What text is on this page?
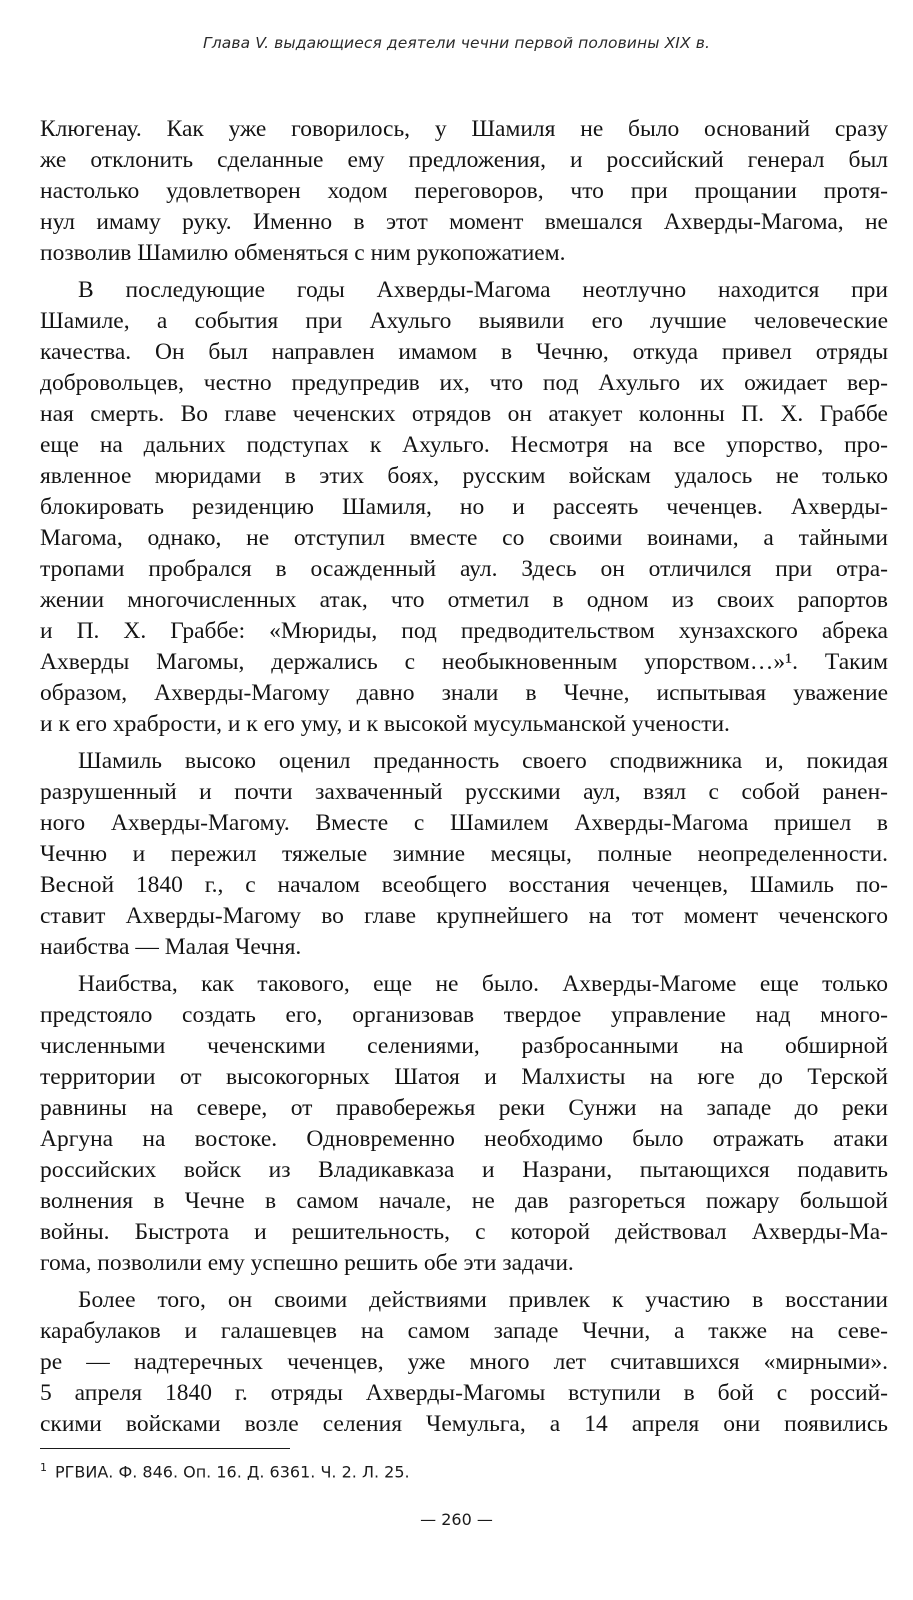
Глава V. выдающиеся деятели чечни первой половины XIX в.
Клюгенау. Как уже говорилось, у Шамиля не было оснований сразу
же отклонить сделанные ему предложения, и российский генерал был
настолько удовлетворен ходом переговоров, что при прощании протя-
нул имаму руку. Именно в этот момент вмешался Ахверды-Магома, не
позволив Шамилю обменяться с ним рукопожатием.
В последующие годы Ахверды-Магома неотлучно находится при
Шамиле, а события при Ахульго выявили его лучшие человеческие
качества. Он был направлен имамом в Чечню, откуда привел отряды
добровольцев, честно предупредив их, что под Ахульго их ожидает вер-
ная смерть. Во главе чеченских отрядов он атакует колонны П. Х. Граббе
еще на дальних подступах к Ахульго. Несмотря на все упорство, про-
явленное мюридами в этих боях, русским войскам удалось не только
блокировать резиденцию Шамиля, но и рассеять чеченцев. Ахверды-
Магома, однако, не отступил вместе со своими воинами, а тайными
тропами пробрался в осажденный аул. Здесь он отличился при отра-
жении многочисленных атак, что отметил в одном из своих рапортов
и П. Х. Граббе: «Мюриды, под предводительством хунзахского абрека
Ахверды Магомы, держались с необыкновенным упорством…»¹. Таким
образом, Ахверды-Магому давно знали в Чечне, испытывая уважение
и к его храбрости, и к его уму, и к высокой мусульманской учености.
Шамиль высоко оценил преданность своего сподвижника и, покидая
разрушенный и почти захваченный русскими аул, взял с собой ранен-
ного Ахверды-Магому. Вместе с Шамилем Ахверды-Магома пришел в
Чечню и пережил тяжелые зимние месяцы, полные неопределенности.
Весной 1840 г., с началом всеобщего восстания чеченцев, Шамиль по-
ставит Ахверды-Магому во главе крупнейшего на тот момент чеченского
наибства — Малая Чечня.
Наибства, как такового, еще не было. Ахверды-Магоме еще только
предстояло создать его, организовав твердое управление над много-
численными чеченскими селениями, разбросанными на обширной
территории от высокогорных Шатоя и Малхисты на юге до Терской
равнины на севере, от правобережья реки Сунжи на западе до реки
Аргуна на востоке. Одновременно необходимо было отражать атаки
российских войск из Владикавказа и Назрани, пытающихся подавить
волнения в Чечне в самом начале, не дав разгореться пожару большой
войны. Быстрота и решительность, с которой действовал Ахверды-Ма-
гома, позволили ему успешно решить обе эти задачи.
Более того, он своими действиями привлек к участию в восстании
карабулаков и галашевцев на самом западе Чечни, а также на севе-
ре — надтеречных чеченцев, уже много лет считавшихся «мирными».
5 апреля 1840 г. отряды Ахверды-Магомы вступили в бой с россий-
скими войсками возле селения Чемульга, а 14 апреля они появились
$^1$ РГВИА. Ф. 846. Оп. 16. Д. 6361. Ч. 2. Л. 25.
— 260 —
